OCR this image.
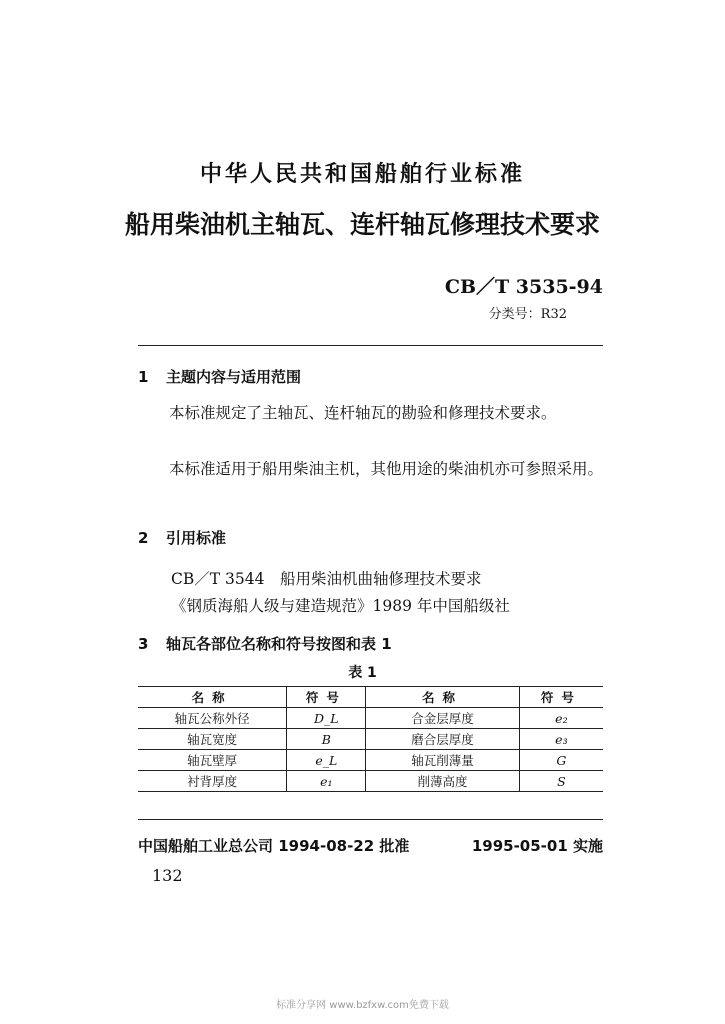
中华人民共和国船舶行业标准
船用柴油机主轴瓦、连杆轴瓦修理技术要求
CB／T 3535-94
分类号：R32
1 主题内容与适用范围
本标准规定了主轴瓦、连杆轴瓦的勘验和修理技术要求。
本标准适用于船用柴油主机，其他用途的柴油机亦可参照采用。
2 引用标准
CB／T 3544　船用柴油机曲轴修理技术要求
《钢质海船人级与建造规范》1989 年中国船级社
3 轴瓦各部位名称和符号按图和表 1
表 1
名称	符号	名称	符号
轴瓦公称外径	D_L	合金层厚度	e₂
轴瓦宽度	B	磨合层厚度	e₃
轴瓦壁厚	e_L	轴瓦削薄量	G
衬背厚度	e₁	削薄高度	S
中国船舶工业总公司 1994-08-22 批准	1995-05-01 实施
132
标准分享网 www.bzfxw.com免费下载
